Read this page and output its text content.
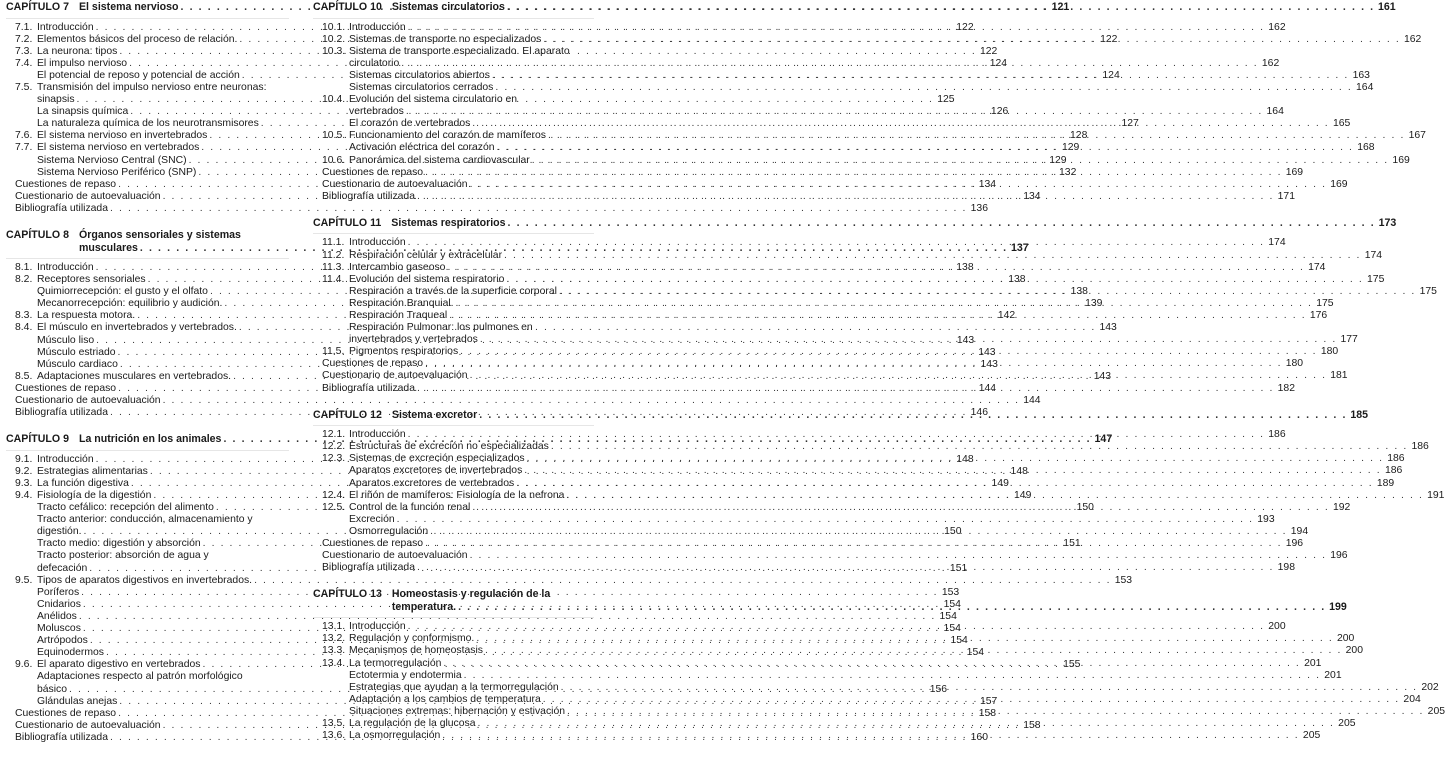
CAPÍTULO 7 El sistema nervioso . . .	121
7.1. Introducción . . .	122
7.2. Elementos básicos del proceso de relación. . . .	122
7.3. La neurona: tipos . . .	122
7.4. El impulso nervioso . . .	124
El potencial de reposo y potencial de acción . . .	124
7.5. Transmisión del impulso nervioso entre neuronas:
sinapsis . . .	125
La sinapsis química . . .	126
La naturaleza química de los neurotransmisores . . .	127
7.6. El sistema nervioso en invertebrados . . .	128
7.7. El sistema nervioso en vertebrados . . .	129
Sistema Nervioso Central (SNC) . . .	129
Sistema Nervioso Periférico (SNP) . . .	132
Cuestiones de repaso . . .	134
Cuestionario de autoevaluación . . .	134
Bibliografía utilizada . . .	136
CAPÍTULO 8 Órganos sensoriales y sistemas
musculares . . .	137
8.1. Introducción . . .	138
8.2. Receptores sensoriales . . .	138
Quimiorrecepción: el gusto y el olfato . . .	138
Mecanorrecepción: equilibrio y audición. . . .	139
8.3. La respuesta motora. . . .	142
8.4. El músculo en invertebrados y vertebrados. . . .	143
Músculo liso . . .	143
Músculo estriado . . .	143
Músculo cardiaco . . .	143
8.5. Adaptaciones musculares en vertebrados. . . .	143
Cuestiones de repaso . . .	144
Cuestionario de autoevaluación . . .	144
Bibliografía utilizada . . .	146
CAPÍTULO 9 La nutrición en los animales . . .	147
9.1. Introducción . . .	148
9.2. Estrategias alimentarias . . .	148
9.3. La función digestiva . . .	149
9.4. Fisiología de la digestión . . .	149
Tracto cefálico: recepción del alimento . . .	150
Tracto anterior: conducción, almacenamiento y
digestión. . . .	150
Tracto medio: digestión y absorción . . .	151
Tracto posterior: absorción de agua y
defecación . . .	151
9.5. Tipos de aparatos digestivos en invertebrados. . . .	153
Poríferos . . .	153
Cnidarios . . .	154
Anélidos . . .	154
Moluscos . . .	154
Artrópodos . . .	154
Equinodermos . . .	154
9.6. El aparato digestivo en vertebrados . . .	155
Adaptaciones respecto al patrón morfológico
básico . . .	156
Glándulas anejas . . .	157
Cuestiones de repaso . . .	158
Cuestionario de autoevaluación . . .	158
Bibliografía utilizada . . .	160
CAPÍTULO 10 Sistemas circulatorios . . .	161
10.1. Introducción . . .	162
10.2. Sistemas de transporte no especializados . . .	162
10.3. Sistema de transporte especializado. El aparato
circulatorio . . .	162
Sistemas circulatorios abiertos . . .	163
Sistemas circulatorios cerrados . . .	164
10.4. Evolución del sistema circulatorio en
vertebrados . . .	164
El corazón de vertebrados . . .	165
10.5. Funcionamiento del corazón de mamíferos . . .	167
Activación eléctrica del corazón . . .	168
10.6. Panorámica del sistema cardiovascular . . .	169
Cuestiones de repaso . . .	169
Cuestionario de autoevaluación . . .	169
Bibliografía utilizada . . .	171
CAPÍTULO 11 Sistemas respiratorios . . .	173
11.1. Introducción . . .	174
11.2. Respiración celular y extracelular . . .	174
11.3. Intercambio gaseoso . . .	174
11.4. Evolución del sistema respiratorio . . .	175
Respiración a través de la superficie corporal . . .	175
Respiración Branquial. . . .	175
Respiración Traqueal . . .	176
Respiración Pulmonar: los pulmones en
invertebrados y vertebrados . . .	177
11.5. Pigmentos respiratorios . . .	180
Cuestiones de repaso . . .	180
Cuestionario de autoevaluación . . .	181
Bibliografía utilizada . . .	182
CAPÍTULO 12 Sistema excretor . . .	185
12.1. Introducción . . .	186
12.2. Estructuras de excreción no especializadas . . .	186
12.3. Sistemas de excreción especializados . . .	186
Aparatos excretores de invertebrados . . .	186
Aparatos excretores de vertebrados . . .	189
12.4. El riñón de mamíferos: Fisiología de la nefrona . . .	191
12.5. Control de la función renal . . .	192
Excreción . . .	193
Osmorregulación . . .	194
Cuestiones de repaso . . .	196
Cuestionario de autoevaluación . . .	196
Bibliografía utilizada . . .	198
CAPÍTULO 13 Homeostasis y regulación de la
temperatura. . . .	199
13.1. Introducción . . .	200
13.2. Regulación y conformismo. . . .	200
13.3. Mecanismos de homeostasis . . .	200
13.4. La termorregulación . . .	201
Ectotermia y endotermia . . .	201
Estrategias que ayudan a la termorregulación . . .	202
Adaptación a los cambios de temperatura . . .	204
Situaciones extremas: hibernación y estivación . . .	205
13.5. La regulación de la glucosa . . .	205
13.6. La osmorregulación . . .	205
